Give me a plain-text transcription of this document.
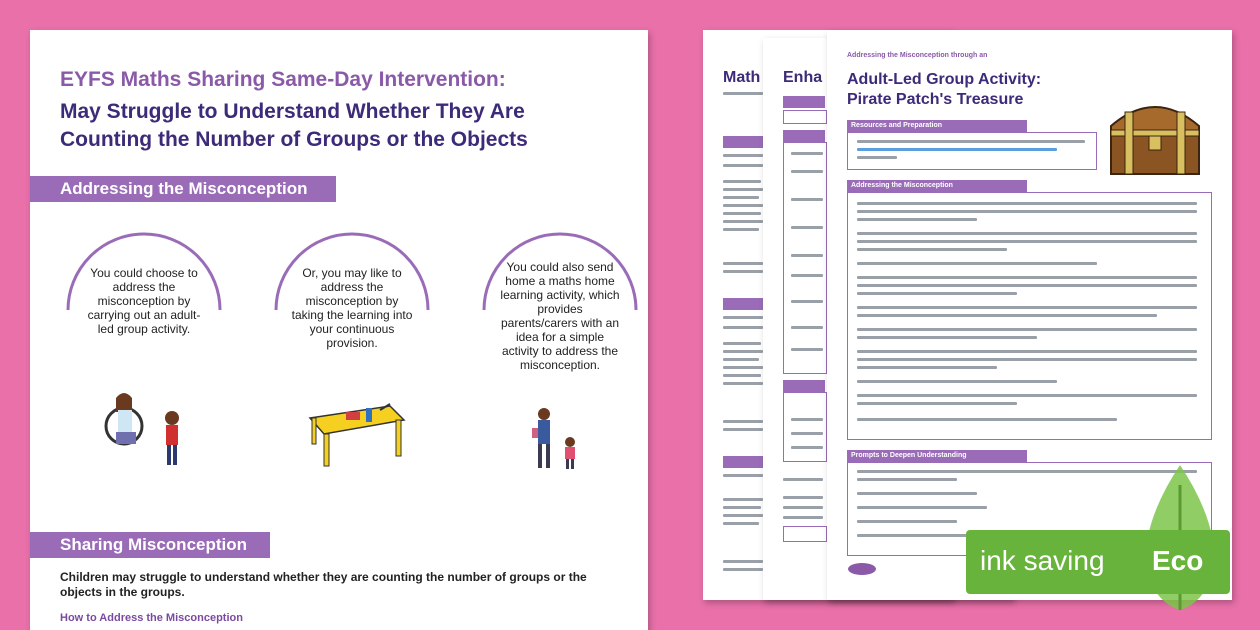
Math Enha
Addressing the Misconception through an
Adult-Led Group Activity:
Pirate Patch's Treasure
Resources and Preparation
Addressing the Misconception
Prompts to Deepen Understanding
EYFS Maths Sharing Same-Day Intervention:
May Struggle to Understand Whether They Are
Counting the Number of Groups or the Objects
Addressing the Misconception
You could choose to address the misconception by carrying out an adult-led group activity.
Or, you may like to address the misconception by taking the learning into your continuous provision.
You could also send home a maths home learning activity, which provides parents/carers with an idea for a simple activity to address the misconception.
Sharing Misconception
Children may struggle to understand whether they are counting the number of groups or the objects in the groups.
How to Address the Misconception
ink saving Eco
